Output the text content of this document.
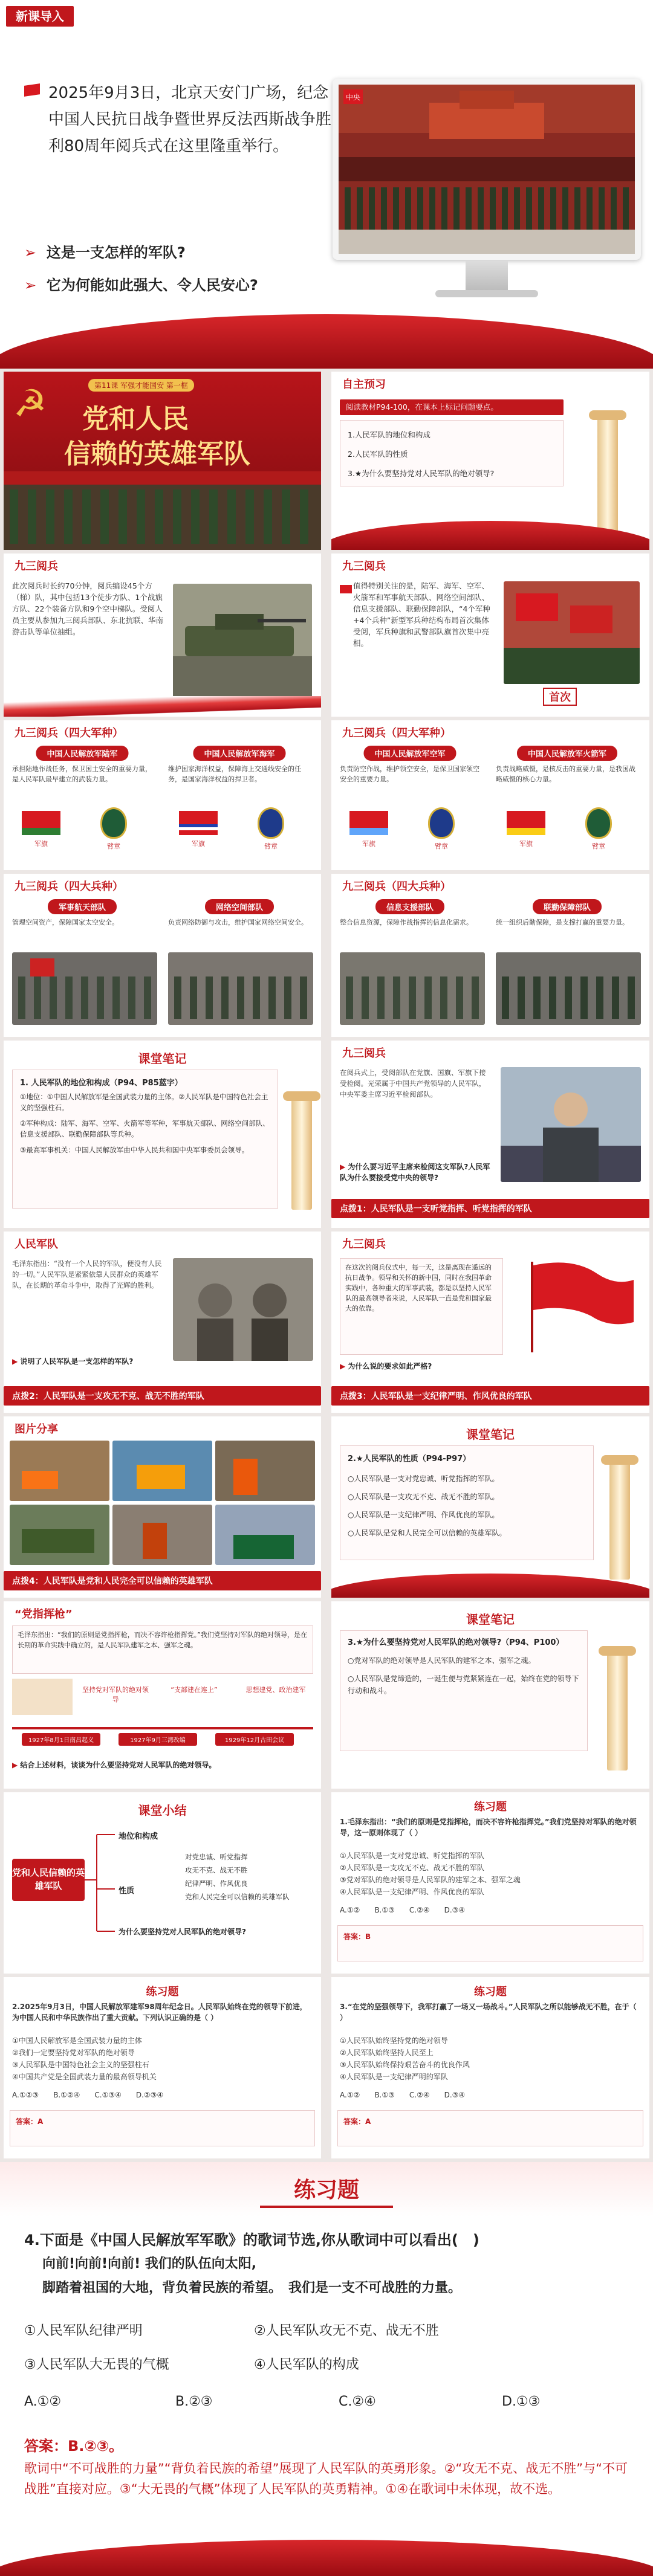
新课导入
2025年9月3日，北京天安门广场，纪念中国人民抗日战争暨世界反法西斯战争胜利80周年阅兵式在这里隆重举行。
➢ 这是一支怎样的军队?
➢ 它为何能如此强大、令人民安心?
中央
☭	第11课 军强才能国安 第一框
党和人民
信赖的英雄军队
自主预习
阅读教材P94-100，在课本上标记问题要点。
1.人民军队的地位和构成
2.人民军队的性质
3.★为什么要坚持党对人民军队的绝对领导?
九三阅兵
此次阅兵时长约70分钟，阅兵编设45个方（梯）队，其中包括13个徒步方队、1个战旗方队、22个装备方队和9个空中梯队。受阅人员主要从参加九三阅兵部队、东北抗联、华南游击队等单位抽组。
九三阅兵
值得特别关注的是，陆军、海军、空军、火箭军和军事航天部队、网络空间部队、信息支援部队、联勤保障部队，“4个军种+4个兵种”新型军兵种结构布局首次集体受阅，军兵种旗和武警部队旗首次集中亮相。
首次
九三阅兵（四大军种）
中国人民解放军陆军	中国人民解放军海军
承担陆地作战任务，保卫国土安全的重要力量，是人民军队最早建立的武装力量。
维护国家海洋权益，保障海上交通线安全的任务，是国家海洋权益的捍卫者。
军旗	臂章	军旗	臂章
九三阅兵（四大军种）
中国人民解放军空军	中国人民解放军火箭军
负责防空作战，维护领空安全，是保卫国家领空安全的重要力量。
负责战略威慑，是核反击的重要力量，是我国战略威慑的核心力量。
军旗	臂章	军旗	臂章
九三阅兵（四大兵种）
军事航天部队	网络空间部队
管理空间资产，保障国家太空安全。	负责网络防御与攻击，维护国家网络空间安全。
九三阅兵（四大兵种）
信息支援部队	联勤保障部队
整合信息资源，保障作战指挥的信息化需求。	统一组织后勤保障，是支撑打赢的重要力量。
课堂笔记
1. 人民军队的地位和构成（P94、P85蓝字）
①地位：①中国人民解放军是全国武装力量的主体。②人民军队是中国特色社会主义的坚强柱石。
②军种构成：陆军、海军、空军、火箭军等军种，军事航天部队、网络空间部队、信息支援部队、联勤保障部队等兵种。
③最高军事机关：中国人民解放军由中华人民共和国中央军事委员会领导。
九三阅兵
在阅兵式上，受阅部队在党旗、国旗、军旗下接受检阅。光荣属于中国共产党领导的人民军队，中央军委主席习近平检阅部队。
▶ 为什么要习近平主席来检阅这支军队?人民军队为什么要接受党中央的领导?
点拨1：人民军队是一支听党指挥、听党指挥的军队
人民军队
毛泽东指出：“没有一个人民的军队，便没有人民的一切。”人民军队是紧紧依靠人民群众的英雄军队，在长期的革命斗争中，取得了光辉的胜利。
▶ 说明了人民军队是一支怎样的军队?
点拨2：人民军队是一支攻无不克、战无不胜的军队
九三阅兵
在这次的阅兵仪式中，每一天，这是离现在遥远的抗日战争。领导和关怀的新中国，同时在我国革命实践中，各种重大的军事武装，都是以坚持人民军队的最高领导者来说，人民军队一直是党和国家最大的依靠。
▶ 为什么说的要求如此严格?
点拨3：人民军队是一支纪律严明、作风优良的军队
图片分享
点拨4：人民军队是党和人民完全可以信赖的英雄军队
课堂笔记
2.★人民军队的性质（P94-P97）
○人民军队是一支对党忠诚、听党指挥的军队。
○人民军队是一支攻无不克、战无不胜的军队。
○人民军队是一支纪律严明、作风优良的军队。
○人民军队是党和人民完全可以信赖的英雄军队。
“党指挥枪”
毛泽东指出：“我们的原则是党指挥枪，而决不容许枪指挥党。”我们党坚持对军队的绝对领导，是在长期的革命实践中确立的，是人民军队建军之本、强军之魂。
坚持党对军队的绝对领导
“支部建在连上”	思想建党、政治建军
1927年8月1日南昌起义	1927年9月三湾改编	1929年12月古田会议
▶ 结合上述材料，谈谈为什么要坚持党对人民军队的绝对领导。
课堂笔记
3.★为什么要坚持党对人民军队的绝对领导?（P94、P100）
○党对军队的绝对领导是人民军队的建军之本、强军之魂。
○人民军队是党缔造的，一诞生便与党紧紧连在一起，始终在党的领导下行动和战斗。
课堂小结
党和人民信赖的英雄军队
地位和构成
性质
为什么要坚持党对人民军队的绝对领导?
对党忠诚、听党指挥
攻无不克、战无不胜
纪律严明、作风优良
党和人民完全可以信赖的英雄军队
练习题
1.毛泽东指出：“我们的原则是党指挥枪，而决不容许枪指挥党。”我们党坚持对军队的绝对领导，这一原则体现了（ ）
①人民军队是一支对党忠诚、听党指挥的军队
②人民军队是一支攻无不克、战无不胜的军队
③党对军队的绝对领导是人民军队的建军之本、强军之魂
④人民军队是一支纪律严明、作风优良的军队
A.①②　　B.①③　　C.②④　　D.③④
答案：B
练习题
2.2025年9月3日，中国人民解放军建军98周年纪念日。人民军队始终在党的领导下前进，为中国人民和中华民族作出了重大贡献。下列认识正确的是（ ）
①中国人民解放军是全国武装力量的主体
②我们一定要坚持党对军队的绝对领导
③人民军队是中国特色社会主义的坚强柱石
④中国共产党是全国武装力量的最高领导机关
A.①②③　　B.①②④　　C.①③④　　D.②③④
答案：A
练习题
3.“在党的坚强领导下，我军打赢了一场又一场战斗。”人民军队之所以能够战无不胜，在于（ ）
①人民军队始终坚持党的绝对领导
②人民军队始终坚持人民至上
③人民军队始终保持艰苦奋斗的优良作风
④人民军队是一支纪律严明的军队
A.①②　　B.①③　　C.②④　　D.③④
答案：A
练习题
4.下面是《中国人民解放军军歌》的歌词节选,你从歌词中可以看出(　)
向前!向前!向前! 我们的队伍向太阳,
脚踏着祖国的大地，背负着民族的希望。　我们是一支不可战胜的力量。
①人民军队纪律严明	②人民军队攻无不克、战无不胜
③人民军队大无畏的气概	④人民军队的构成
A.①②	B.②③	C.②④	D.①③
答案：B.②③。
歌词中“不可战胜的力量”“背负着民族的希望”展现了人民军队的英勇形象。②“攻无不克、战无不胜”与“不可战胜”直接对应。③“大无畏的气概”体现了人民军队的英勇精神。①④在歌词中未体现，故不选。
